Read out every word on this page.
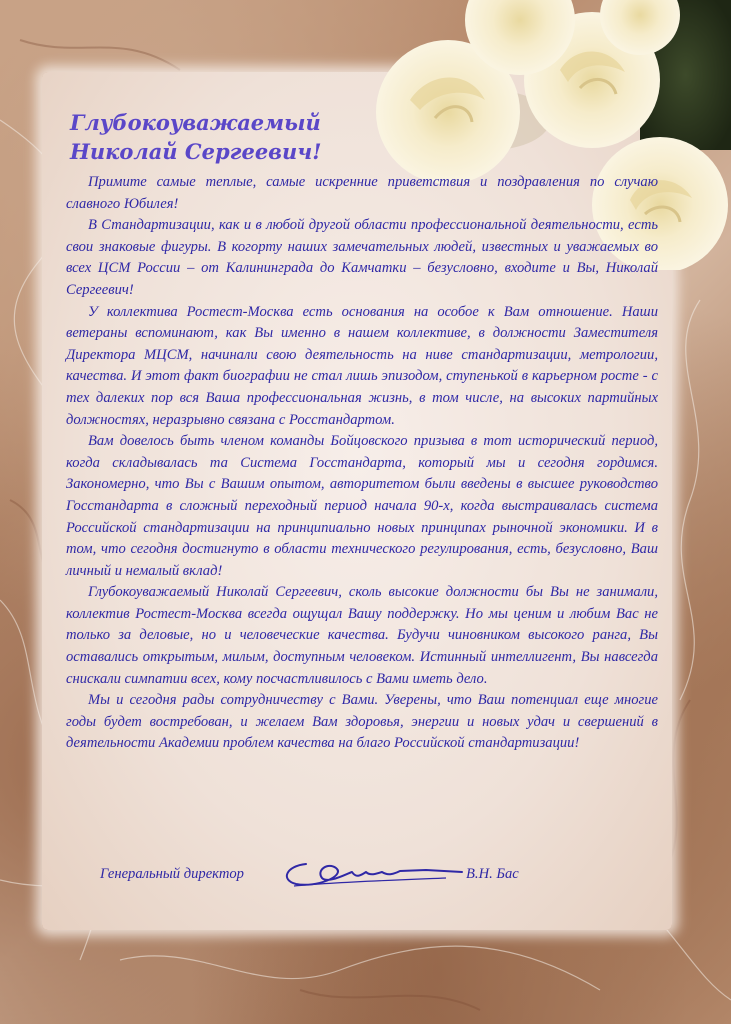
Глубокоуважаемый
Николай Сергеевич!

Примите самые теплые, самые искренние приветствия и поздравления по случаю славного Юбилея!

В Стандартизации, как и в любой другой области профессиональной деятельности, есть свои знаковые фигуры. В когорту наших замечательных людей, известных и уважаемых во всех ЦСМ России – от Калининграда до Камчатки – безусловно, входите и Вы, Николай Сергеевич!

У коллектива Ростест-Москва есть основания на особое к Вам отношение. Наши ветераны вспоминают, как Вы именно в нашем коллективе, в должности Заместителя Директора МЦСМ, начинали свою деятельность на ниве стандартизации, метрологии, качества. И этот факт биографии не стал лишь эпизодом, ступенькой в карьерном росте - с тех далеких пор вся Ваша профессиональная жизнь, в том числе, на высоких партийных должностях, неразрывно связана с Росстандартом.

Вам довелось быть членом команды Бойцовского призыва в тот исторический период, когда складывалась та Система Госстандарта, который мы и сегодня гордимся. Закономерно, что Вы с Вашим опытом, авторитетом были введены в высшее руководство Госстандарта в сложный переходный период начала 90-х, когда выстраивалась система Российской стандартизации на принципиально новых принципах рыночной экономики. И в том, что сегодня достигнуто в области технического регулирования, есть, безусловно, Ваш личный и немалый вклад!

Глубокоуважаемый Николай Сергеевич, сколь высокие должности бы Вы не занимали, коллектив Ростест-Москва всегда ощущал Вашу поддержку. Но мы ценим и любим Вас не только за деловые, но и человеческие качества. Будучи чиновником высокого ранга, Вы оставались открытым, милым, доступным человеком. Истинный интеллигент, Вы навсегда снискали симпатии всех, кому посчастливилось с Вами иметь дело.

Мы и сегодня рады сотрудничеству с Вами. Уверены, что Ваш потенциал еще многие годы будет востребован, и желаем Вам здоровья, энергии и новых удач и свершений в деятельности Академии проблем качества на благо Российской стандартизации!

Генеральный директор	В.Н. Бас
